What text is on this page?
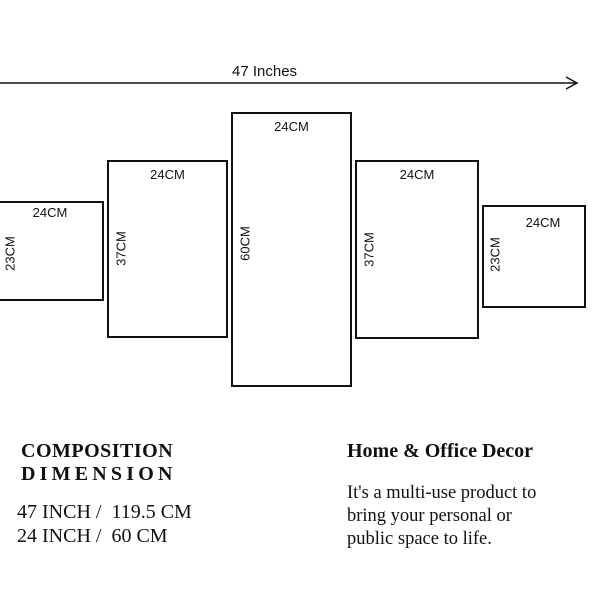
47 Inches
24CM
23CM
24CM
37CM
24CM
60CM
24CM
37CM
24CM
23CM
COMPOSITION
DIMENSION
47 INCH /  119.5 CM
24 INCH /  60 CM
Home & Office Decor
It's a multi-use product to
bring your personal or
public space to life.
